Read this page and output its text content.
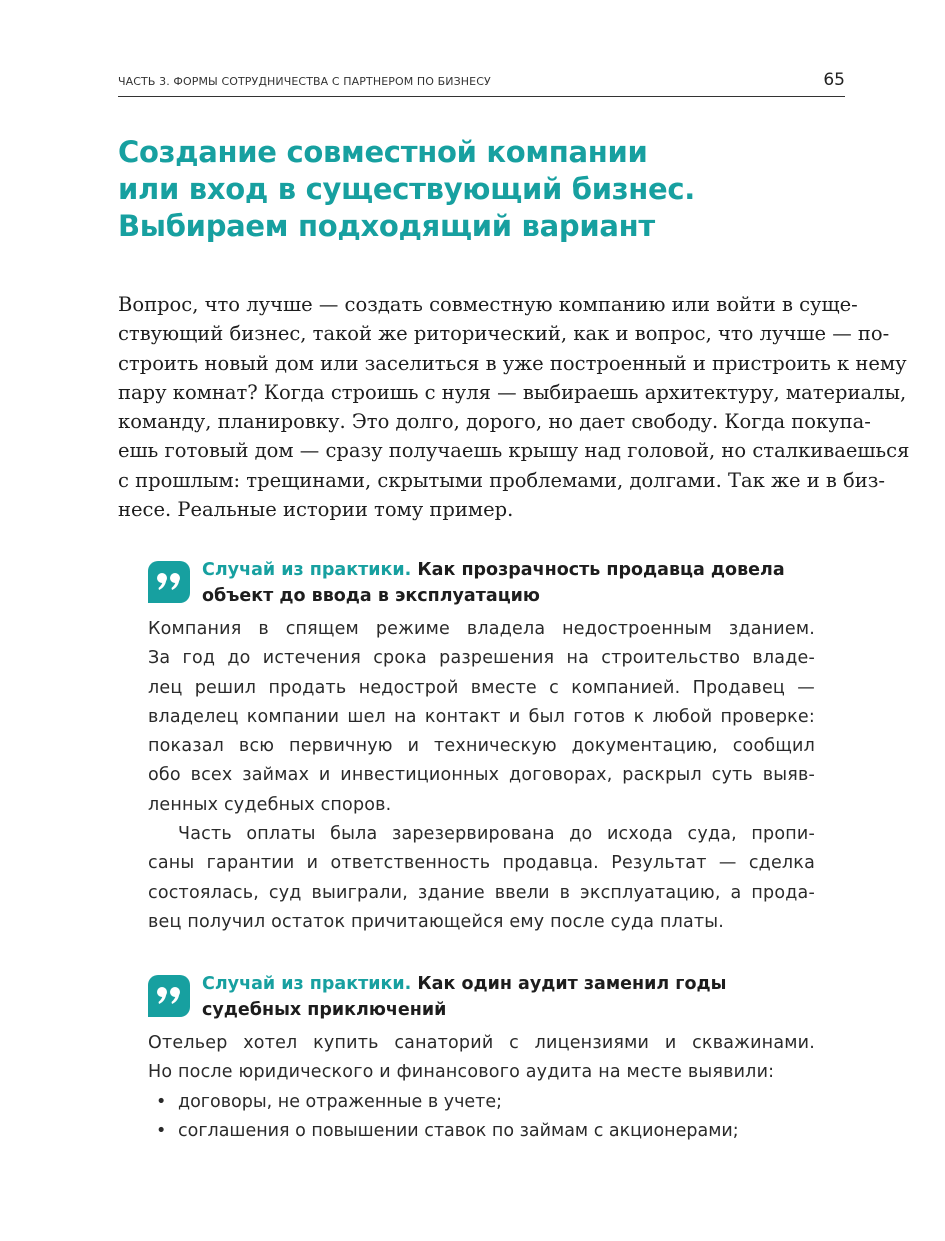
ЧАСТЬ 3. ФОРМЫ СОТРУДНИЧЕСТВА С ПАРТНЕРОМ ПО БИЗНЕСУ	65
Создание совместной компании
или вход в существующий бизнес.
Выбираем подходящий вариант
Вопрос, что лучше — создать совместную компанию или войти в суще-
ствующий бизнес, такой же риторический, как и вопрос, что лучше — по-
строить новый дом или заселиться в уже построенный и пристроить к нему
пару комнат? Когда строишь с нуля — выбираешь архитектуру, материалы,
команду, планировку. Это долго, дорого, но дает свободу. Когда покупа-
ешь готовый дом — сразу получаешь крышу над головой, но сталкиваешься
с прошлым: трещинами, скрытыми проблемами, долгами. Так же и в биз-
несе. Реальные истории тому пример.
Случай из практики. Как прозрачность продавца довела
объект до ввода в эксплуатацию
Компания в спящем режиме владела недостроенным зданием.
За год до истечения срока разрешения на строительство владе-
лец решил продать недострой вместе с компанией. Продавец —
владелец компании шел на контакт и был готов к любой проверке:
показал всю первичную и техническую документацию, сообщил
обо всех займах и инвестиционных договорах, раскрыл суть выяв-
ленных судебных споров.
Часть оплаты была зарезервирована до исхода суда, пропи-
саны гарантии и ответственность продавца. Результат — сделка
состоялась, суд выиграли, здание ввели в эксплуатацию, а прода-
вец получил остаток причитающейся ему после суда платы.
Случай из практики. Как один аудит заменил годы
судебных приключений
Отельер хотел купить санаторий с лицензиями и скважинами.
Но после юридического и финансового аудита на месте выявили:
• договоры, не отраженные в учете;
• соглашения о повышении ставок по займам с акционерами;
